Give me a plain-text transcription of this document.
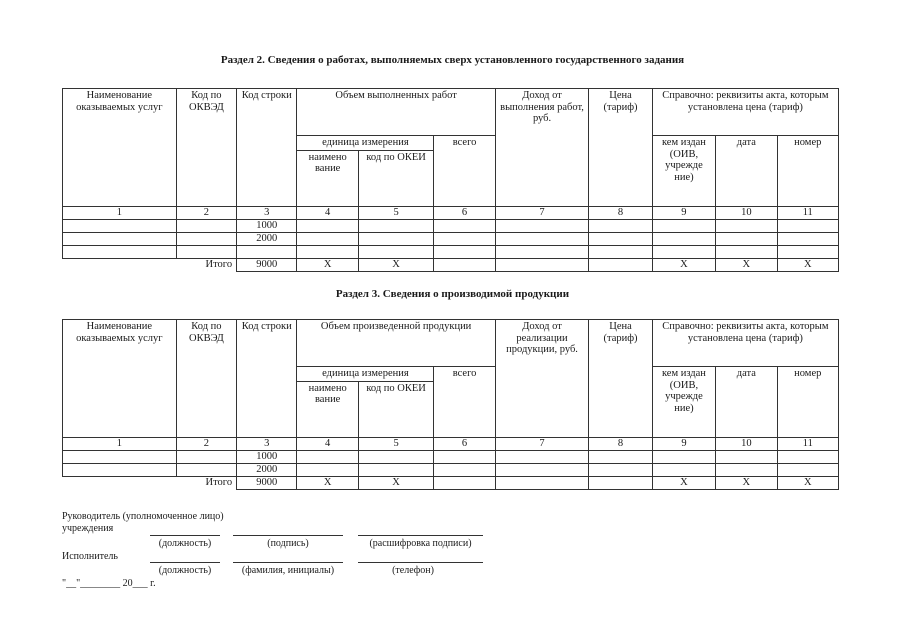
Раздел 2. Сведения о работах, выполняемых сверх установленного государственного задания
Наименование оказываемых услуг	Код по ОКВЭД	Код строки	Объем выполненных работ			Доход от выполнения работ, руб.	Цена (тариф)	Справочно: реквизиты акта, которым установлена цена (тариф)		
			единица измерения		всего			кем издан (ОИВ, учрежде ние)	дата	номер
			наимено вание	код по ОКЕИ						
1	2	3	4	5	6	7	8	9	10	11
		1000								
		2000								

Итого		9000	X	X				X	X	X
Раздел 3. Сведения о производимой продукции
Наименование оказываемых услуг	Код по ОКВЭД	Код строки	Объем произведенной продукции			Доход от реализации продукции, руб.	Цена (тариф)	Справочно: реквизиты акта, которым установлена цена (тариф)		
			единица измерения		всего			кем издан (ОИВ, учрежде ние)	дата	номер
			наимено вание	код по ОКЕИ						
1	2	3	4	5	6	7	8	9	10	11
		1000								
		2000								
Итого		9000	X	X				X	X	X
Руководитель (уполномоченное лицо)
учреждения
(должность)	(подпись)	(расшифровка подписи)
Исполнитель
(должность)	(фамилия, инициалы)	(телефон)
"__"________ 20___ г.
